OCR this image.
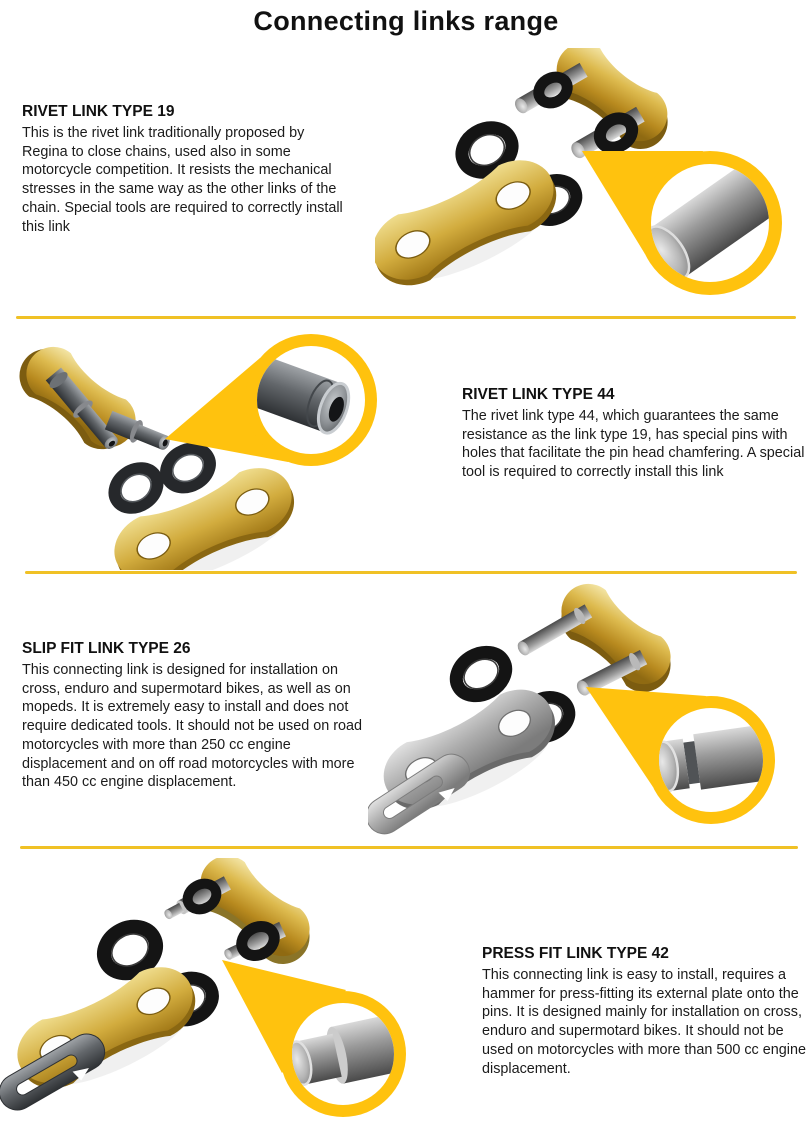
Connecting links range
RIVET LINK TYPE 19

This is the rivet link traditionally proposed by Regina to close chains, used also in some motorcycle competition. It resists the mechanical stresses in the same way as the other links of the chain. Special tools are required to correctly install this link

RIVET LINK TYPE 44

The rivet link type 44, which guarantees the same resistance as the link type 19, has special pins with holes that facilitate the pin head chamfering. A special tool is required to correctly install this link

SLIP FIT LINK TYPE 26

This connecting link is designed for installation on cross, enduro and supermotard bikes, as well as on mopeds. It is extremely easy to install and does not require dedicated tools. It should not be used on road motorcycles with more than 250 cc engine displacement and on off road motorcycles with more than 450 cc engine displacement.

PRESS FIT LINK TYPE 42

This connecting link is easy to install, requires a hammer for press-fitting its external plate onto the pins. It is designed mainly for installation on cross, enduro and supermotard bikes. It should not be used on motorcycles with more than 500 cc engine displacement.
